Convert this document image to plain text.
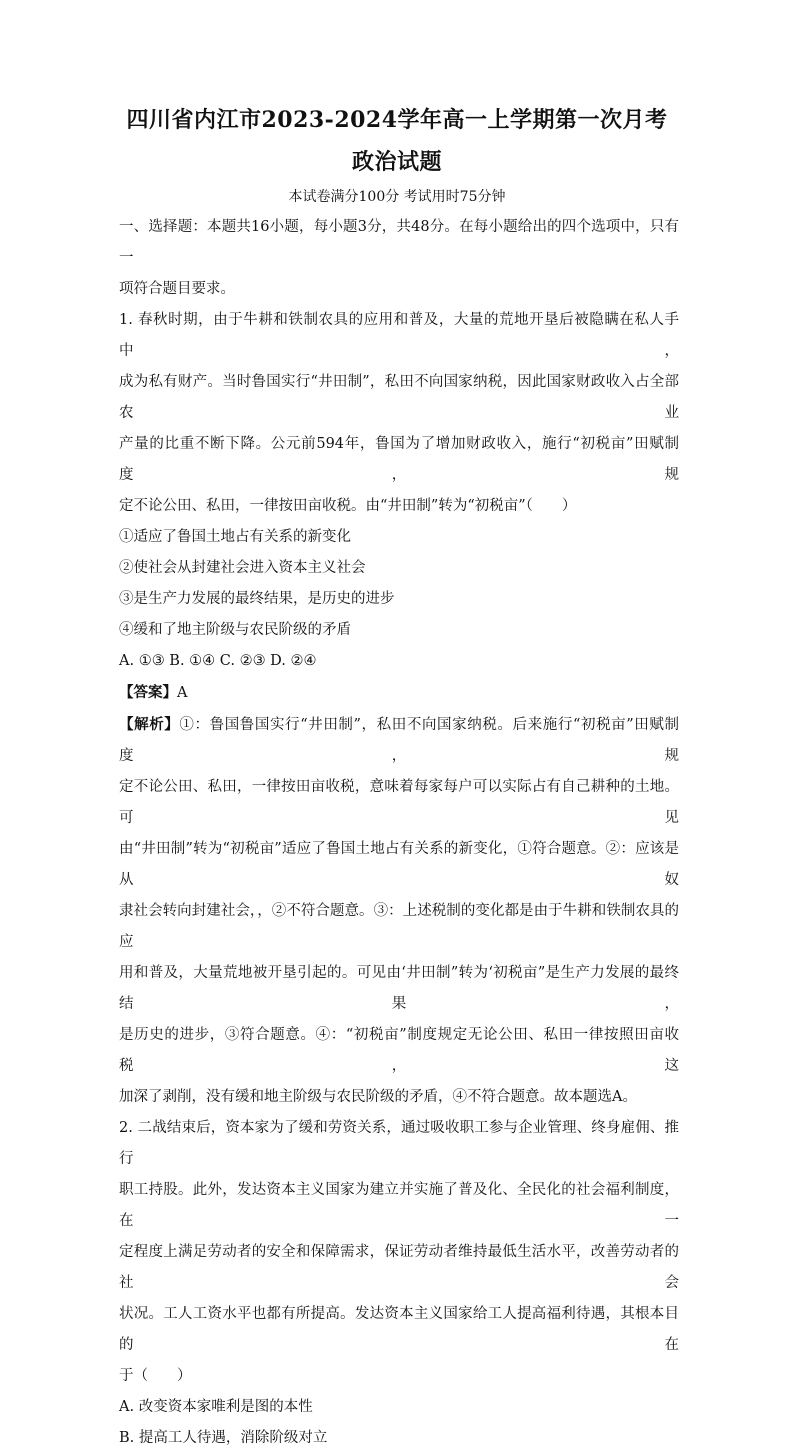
四川省内江市2023-2024学年高一上学期第一次月考
政治试题
本试卷满分100分 考试用时75分钟

一、选择题：本题共16小题，每小题3分，共48分。在每小题给出的四个选项中，只有一

项符合题目要求。

1. 春秋时期，由于牛耕和铁制农具的应用和普及，大量的荒地开垦后被隐瞒在私人手中，

成为私有财产。当时鲁国实行“井田制”，私田不向国家纳税，因此国家财政收入占全部农业

产量的比重不断下降。公元前594年，鲁国为了增加财政收入，施行“初税亩”田赋制度，规

定不论公田、私田，一律按田亩收税。由“井田制”转为“初税亩”（　　）

①适应了鲁国土地占有关系的新变化

②使社会从封建社会进入资本主义社会

③是生产力发展的最终结果，是历史的进步

④缓和了地主阶级与农民阶级的矛盾

A. ①③ B. ①④ C. ②③ D. ②④

【答案】A

【解析】①：鲁国鲁国实行“井田制”，私田不向国家纳税。后来施行“初税亩”田赋制度，规

定不论公田、私田，一律按田亩收税，意味着每家每户可以实际占有自己耕种的土地。可见

由“井田制”转为“初税亩”适应了鲁国土地占有关系的新变化，①符合题意。②：应该是从奴

隶社会转向封建社会，，②不符合题意。③：上述税制的变化都是由于牛耕和铁制农具的应

用和普及，大量荒地被开垦引起的。可见由‘井田制”转为‘初税亩”是生产力发展的最终结果，

是历史的进步，③符合题意。④：“初税亩”制度规定无论公田、私田一律按照田亩收税，这

加深了剥削，没有缓和地主阶级与农民阶级的矛盾，④不符合题意。故本题选A。

2. 二战结束后，资本家为了缓和劳资关系，通过吸收职工参与企业管理、终身雇佣、推行

职工持股。此外，发达资本主义国家为建立并实施了普及化、全民化的社会福利制度，在一

定程度上满足劳动者的安全和保障需求，保证劳动者维持最低生活水平，改善劳动者的社会

状况。工人工资水平也都有所提高。发达资本主义国家给工人提高福利待遇，其根本目的在

于（　　）

A. 改变资本家唯利是图的本性

B. 提高工人待遇，消除阶级对立
